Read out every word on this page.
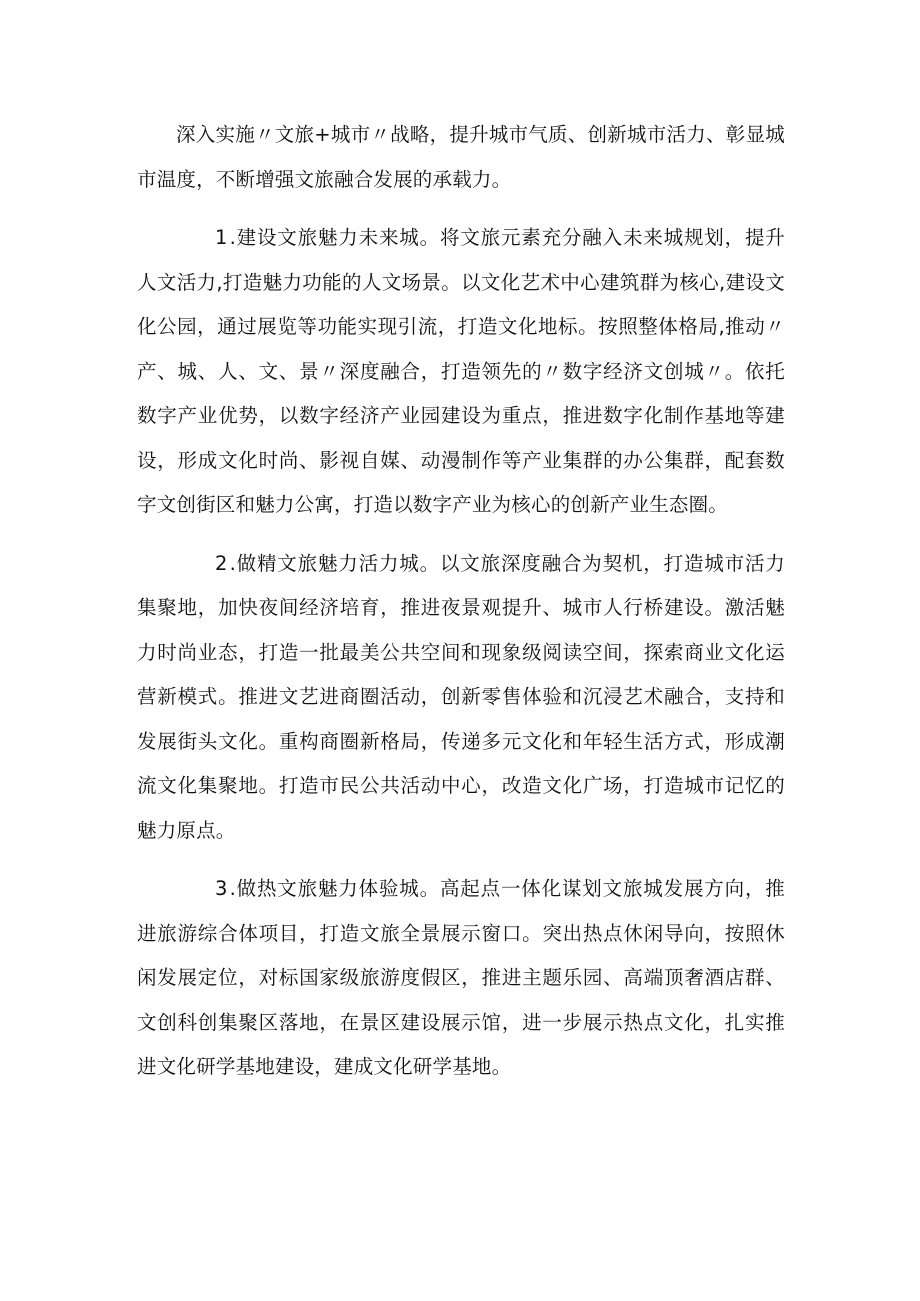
深入实施〃文旅+城市〃战略，提升城市气质、创新城市活力、彰显城市温度，不断增强文旅融合发展的承载力。

1 .建设文旅魅力未来城。将文旅元素充分融入未来城规划，提升人文活力,打造魅力功能的人文场景。以文化艺术中心建筑群为核心,建设文化公园，通过展览等功能实现引流，打造文化地标。按照整体格局,推动〃产、城、人、文、景〃深度融合，打造领先的〃数字经济文创城〃。依托数字产业优势，以数字经济产业园建设为重点，推进数字化制作基地等建设，形成文化时尚、影视自媒、动漫制作等产业集群的办公集群，配套数字文创街区和魅力公寓，打造以数字产业为核心的创新产业生态圈。

2 .做精文旅魅力活力城。以文旅深度融合为契机，打造城市活力集聚地，加快夜间经济培育，推进夜景观提升、城市人行桥建设。激活魅力时尚业态，打造一批最美公共空间和现象级阅读空间，探索商业文化运营新模式。推进文艺进商圈活动，创新零售体验和沉浸艺术融合，支持和发展街头文化。重构商圈新格局，传递多元文化和年轻生活方式，形成潮流文化集聚地。打造市民公共活动中心，改造文化广场，打造城市记忆的魅力原点。

3 .做热文旅魅力体验城。高起点一体化谋划文旅城发展方向，推进旅游综合体项目，打造文旅全景展示窗口。突出热点休闲导向，按照休闲发展定位，对标国家级旅游度假区，推进主题乐园、高端顶奢酒店群、文创科创集聚区落地，在景区建设展示馆，进一步展示热点文化，扎实推进文化研学基地建设，建成文化研学基地。
